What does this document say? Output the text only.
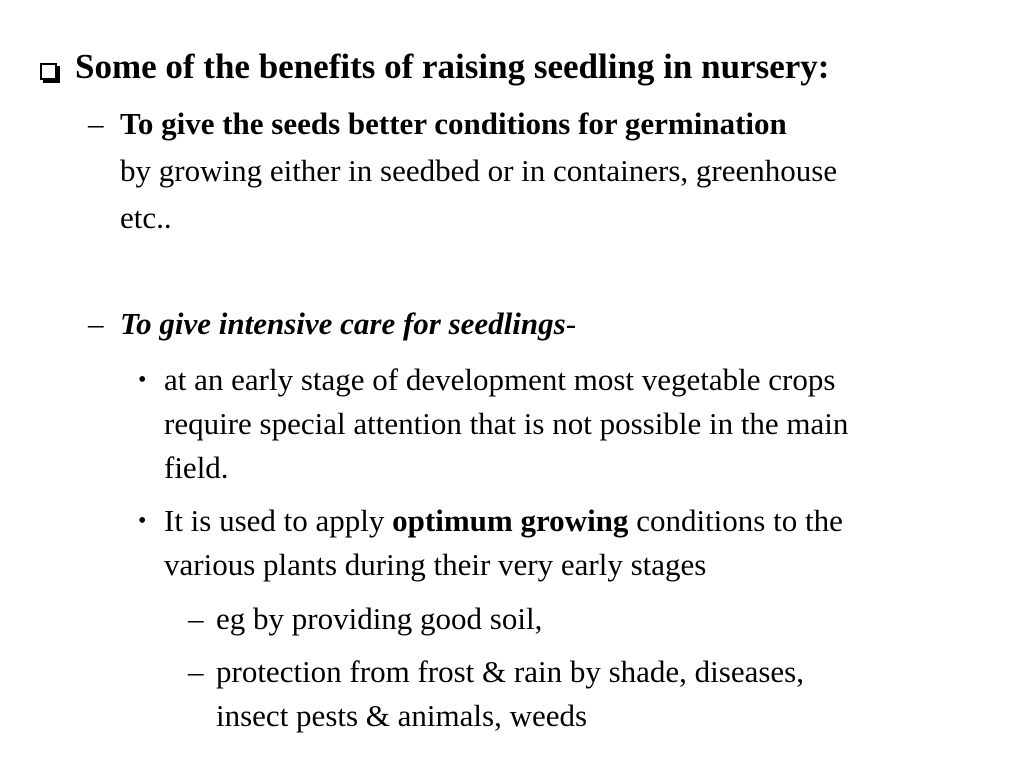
Some of the benefits of raising seedling in nursery:
– To give the seeds better conditions for germination
by growing either in seedbed or in containers, greenhouse
etc..
– To give intensive care for seedlings-
• at an early stage of development most vegetable crops
require special attention that is not possible in the main
field.
• It is used to apply optimum growing conditions to the
various plants during their very early stages
– eg by providing good soil,
– protection from frost & rain by shade, diseases,
insect pests & animals, weeds
